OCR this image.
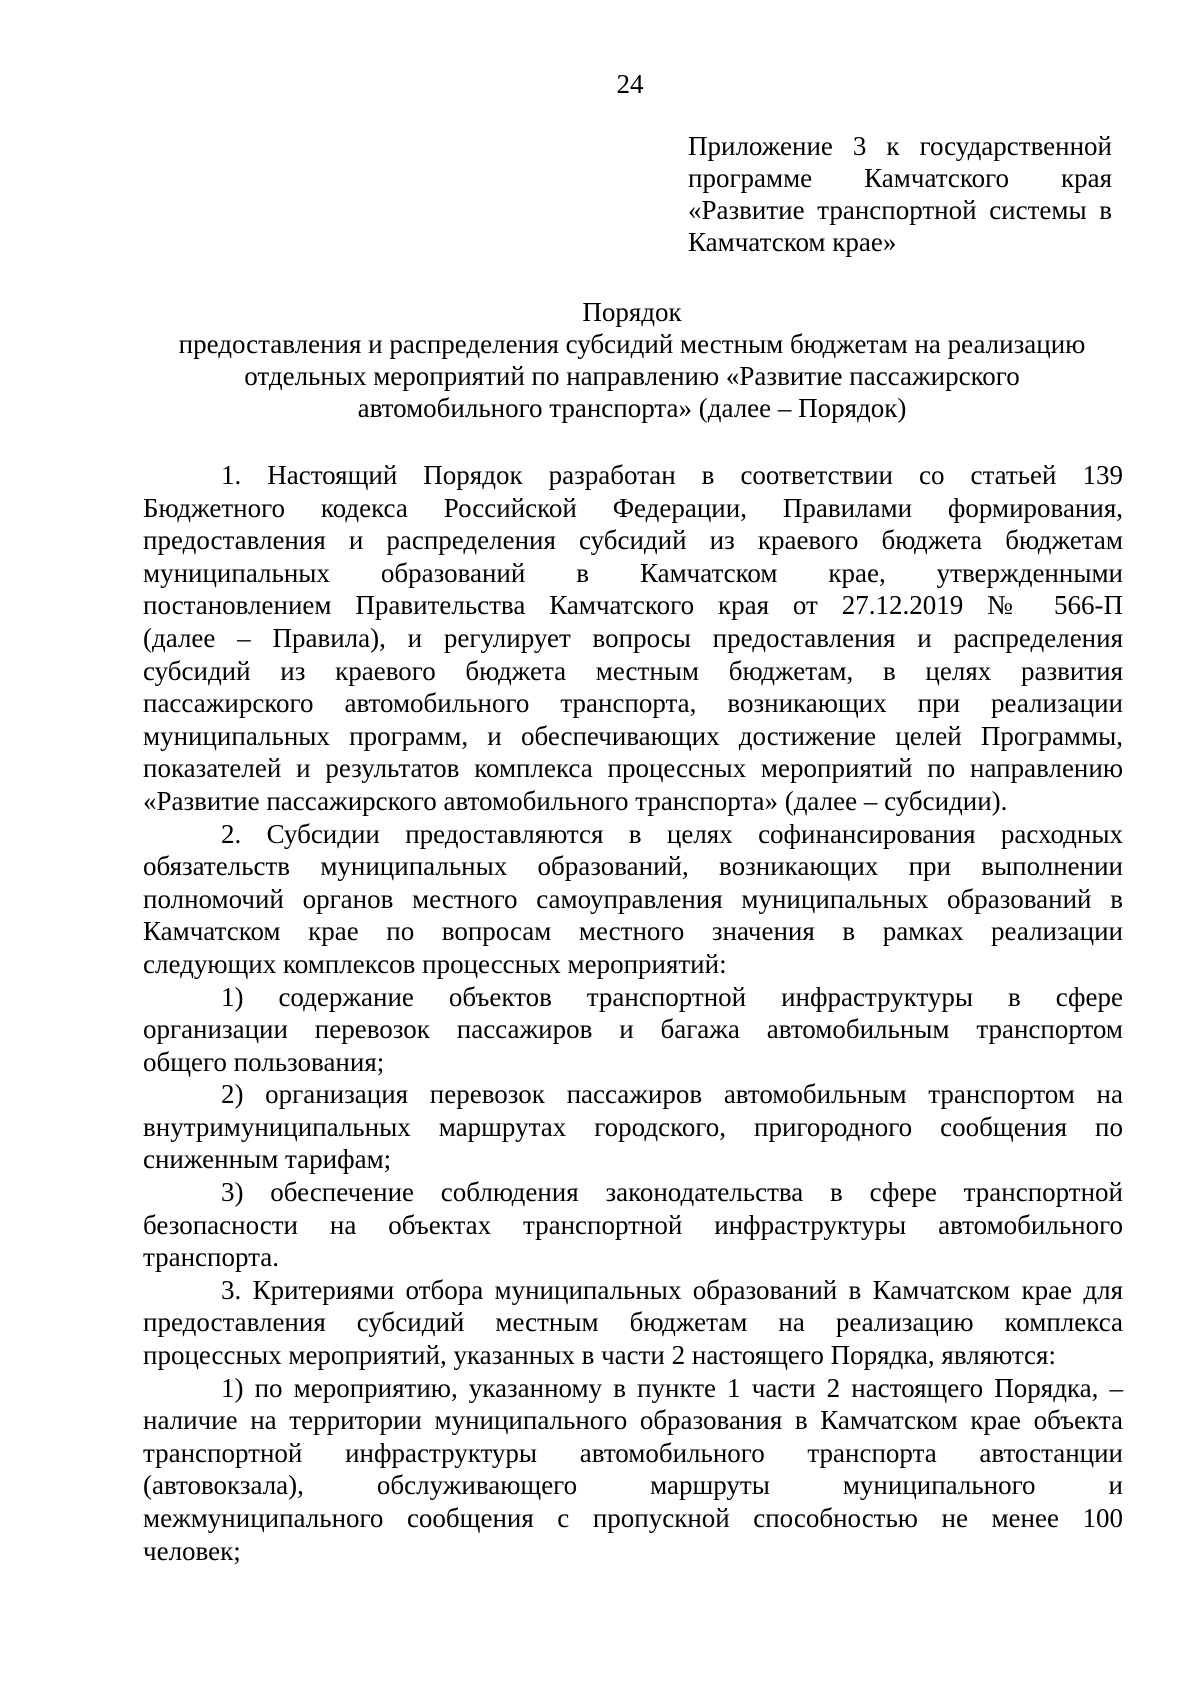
24
Приложение 3 к государственной
программе Камчатского края
«Развитие транспортной системы в
Камчатском крае»
Порядок
предоставления и распределения субсидий местным бюджетам на реализацию
отдельных мероприятий по направлению «Развитие пассажирского
автомобильного транспорта» (далее – Порядок)
1. Настоящий Порядок разработан в соответствии со статьей 139
Бюджетного кодекса Российской Федерации, Правилами формирования,
предоставления и распределения субсидий из краевого бюджета бюджетам
муниципальных образований в Камчатском крае, утвержденными
постановлением Правительства Камчатского края от 27.12.2019 № 566-П
(далее – Правила), и регулирует вопросы предоставления и распределения
субсидий из краевого бюджета местным бюджетам, в целях развития
пассажирского автомобильного транспорта, возникающих при реализации
муниципальных программ, и обеспечивающих достижение целей Программы,
показателей и результатов комплекса процессных мероприятий по направлению
«Развитие пассажирского автомобильного транспорта» (далее – субсидии).
2. Субсидии предоставляются в целях софинансирования расходных
обязательств муниципальных образований, возникающих при выполнении
полномочий органов местного самоуправления муниципальных образований в
Камчатском крае по вопросам местного значения в рамках реализации
следующих комплексов процессных мероприятий:
1) содержание объектов транспортной инфраструктуры в сфере
организации перевозок пассажиров и багажа автомобильным транспортом
общего пользования;
2) организация перевозок пассажиров автомобильным транспортом на
внутримуниципальных маршрутах городского, пригородного сообщения по
сниженным тарифам;
3) обеспечение соблюдения законодательства в сфере транспортной
безопасности на объектах транспортной инфраструктуры автомобильного
транспорта.
3. Критериями отбора муниципальных образований в Камчатском крае для
предоставления субсидий местным бюджетам на реализацию комплекса
процессных мероприятий, указанных в части 2 настоящего Порядка, являются:
1) по мероприятию, указанному в пункте 1 части 2 настоящего Порядка, –
наличие на территории муниципального образования в Камчатском крае объекта
транспортной инфраструктуры автомобильного транспорта автостанции
(автовокзала), обслуживающего маршруты муниципального и
межмуниципального сообщения с пропускной способностью не менее 100
человек;
